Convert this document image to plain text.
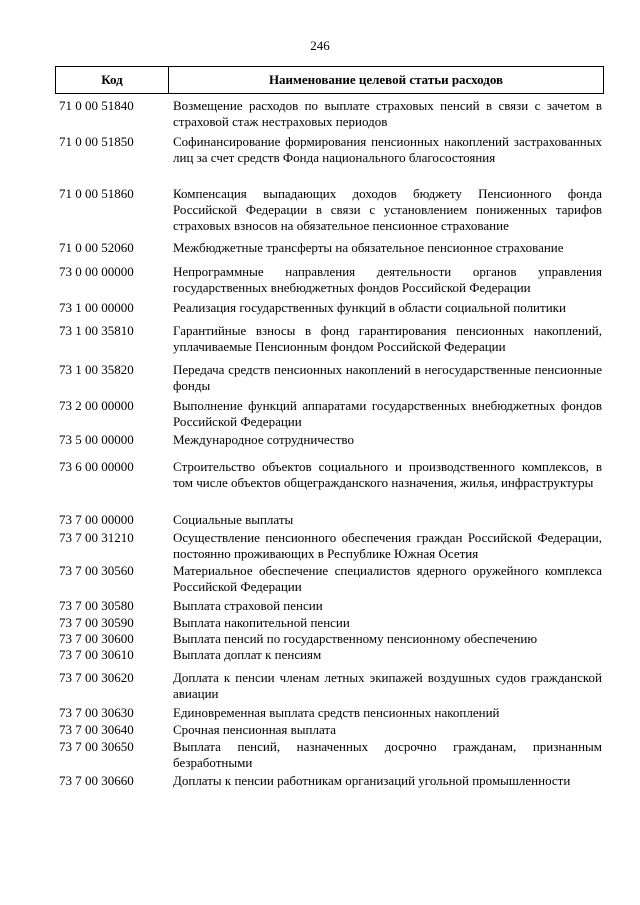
246
Код	Наименование целевой статьи расходов
71 0 00 51840	Возмещение расходов по выплате страховых пенсий в связи с зачетом в страховой стаж нестраховых периодов
71 0 00 51850	Софинансирование формирования пенсионных накоплений застрахованных лиц за счет средств Фонда национального благосостояния
71 0 00 51860	Компенсация выпадающих доходов бюджету Пенсионного фонда Российской Федерации в связи с установлением пониженных тарифов страховых взносов на обязательное пенсионное страхование
71 0 00 52060	Межбюджетные трансферты на обязательное пенсионное страхование
73 0 00 00000	Непрограммные направления деятельности органов управления государственных внебюджетных фондов Российской Федерации
73 1 00 00000	Реализация государственных функций в области социальной политики
73 1 00 35810	Гарантийные взносы в фонд гарантирования пенсионных накоплений, уплачиваемые Пенсионным фондом Российской Федерации
73 1 00 35820	Передача средств пенсионных накоплений в негосударственные пенсионные фонды
73 2 00 00000	Выполнение функций аппаратами государственных внебюджетных фондов Российской Федерации
73 5 00 00000	Международное сотрудничество
73 6 00 00000	Строительство объектов социального и производственного комплексов, в том числе объектов общегражданского назначения, жилья, инфраструктуры
73 7 00 00000	Социальные выплаты
73 7 00 31210	Осуществление пенсионного обеспечения граждан Российской Федерации, постоянно проживающих в Республике Южная Осетия
73 7 00 30560	Материальное обеспечение специалистов ядерного оружейного комплекса Российской Федерации
73 7 00 30580	Выплата страховой пенсии
73 7 00 30590	Выплата накопительной пенсии
73 7 00 30600	Выплата пенсий по государственному пенсионному обеспечению
73 7 00 30610	Выплата доплат к пенсиям
73 7 00 30620	Доплата к пенсии членам летных экипажей воздушных судов гражданской авиации
73 7 00 30630	Единовременная выплата средств пенсионных накоплений
73 7 00 30640	Срочная пенсионная выплата
73 7 00 30650	Выплата пенсий, назначенных досрочно гражданам, признанным безработными
73 7 00 30660	Доплаты к пенсии работникам организаций угольной промышленности
